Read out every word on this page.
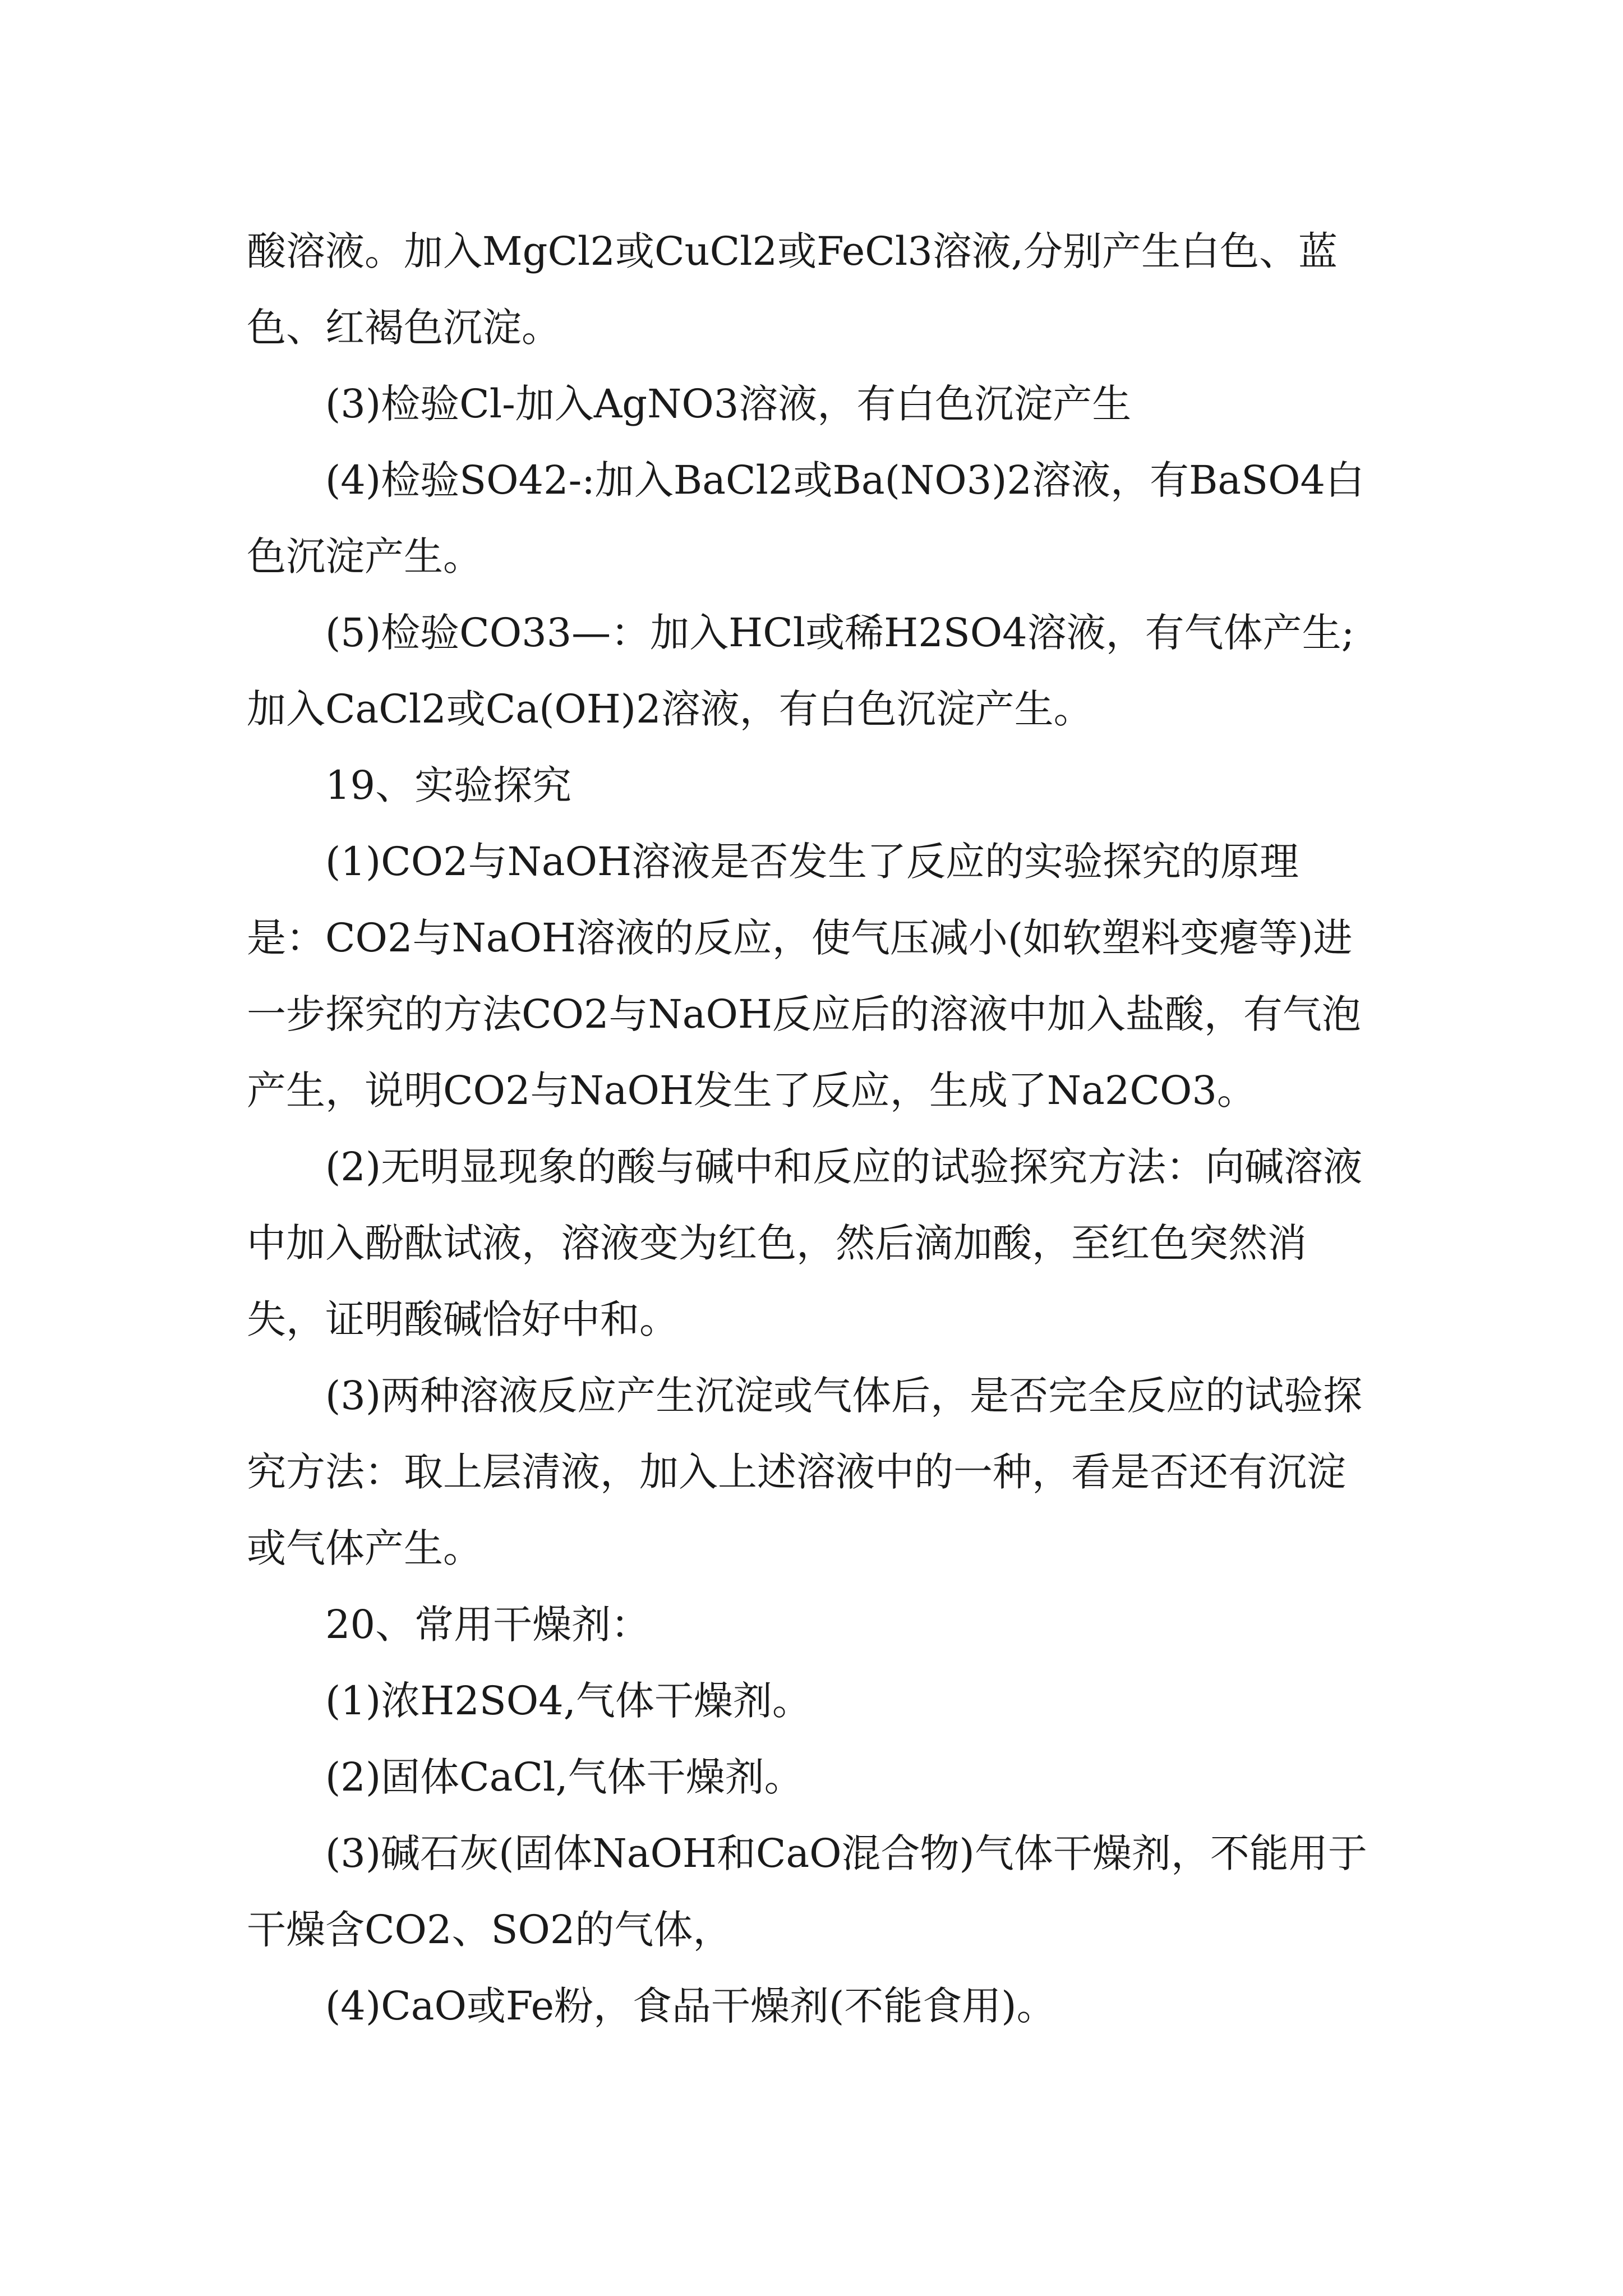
酸溶液。加入MgCl2或CuCl2或FeCl3溶液,分别产生白色、蓝色、红褐色沉淀。

(3)检验Cl-加入AgNO3溶液，有白色沉淀产生

(4)检验SO42-:加入BaCl2或Ba(NO3)2溶液，有BaSO4白色沉淀产生。

(5)检验CO33—：加入HCl或稀H2SO4溶液，有气体产生;加入CaCl2或Ca(OH)2溶液，有白色沉淀产生。

19、实验探究

(1)CO2与NaOH溶液是否发生了反应的实验探究的原理是：CO2与NaOH溶液的反应，使气压减小(如软塑料变瘪等)进一步探究的方法CO2与NaOH反应后的溶液中加入盐酸，有气泡产生，说明CO2与NaOH发生了反应，生成了Na2CO3。

(2)无明显现象的酸与碱中和反应的试验探究方法：向碱溶液中加入酚酞试液，溶液变为红色，然后滴加酸，至红色突然消失，证明酸碱恰好中和。

(3)两种溶液反应产生沉淀或气体后，是否完全反应的试验探究方法：取上层清液，加入上述溶液中的一种，看是否还有沉淀或气体产生。

20、常用干燥剂：

(1)浓H2SO4,气体干燥剂。

(2)固体CaCl,气体干燥剂。

(3)碱石灰(固体NaOH和CaO混合物)气体干燥剂，不能用于干燥含CO2、SO2的气体，

(4)CaO或Fe粉，食品干燥剂(不能食用)。
